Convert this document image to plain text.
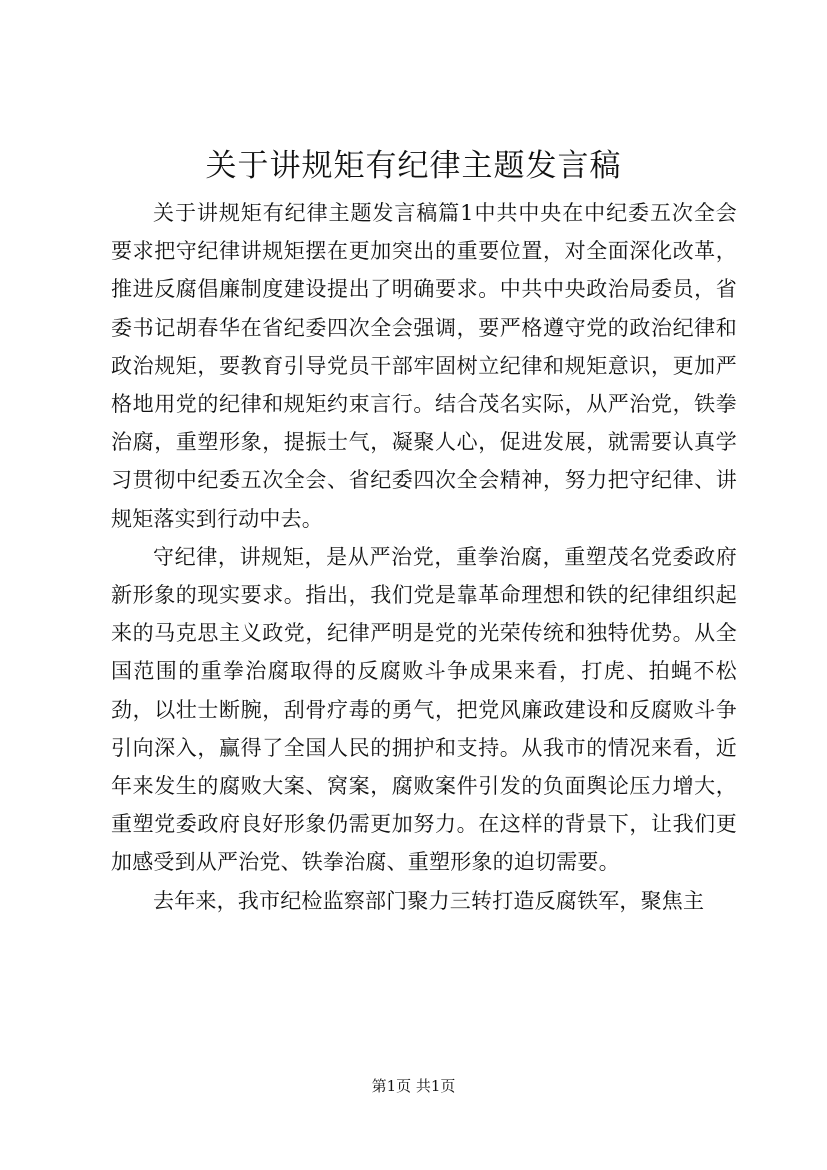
关于讲规矩有纪律主题发言稿

关于讲规矩有纪律主题发言稿篇1中共中央在中纪委五次全会要求把守纪律讲规矩摆在更加突出的重要位置，对全面深化改革，推进反腐倡廉制度建设提出了明确要求。中共中央政治局委员，省委书记胡春华在省纪委四次全会强调，要严格遵守党的政治纪律和政治规矩，要教育引导党员干部牢固树立纪律和规矩意识，更加严格地用党的纪律和规矩约束言行。结合茂名实际，从严治党，铁拳治腐，重塑形象，提振士气，凝聚人心，促进发展，就需要认真学习贯彻中纪委五次全会、省纪委四次全会精神，努力把守纪律、讲规矩落实到行动中去。

守纪律，讲规矩，是从严治党，重拳治腐，重塑茂名党委政府新形象的现实要求。指出，我们党是靠革命理想和铁的纪律组织起来的马克思主义政党，纪律严明是党的光荣传统和独特优势。从全国范围的重拳治腐取得的反腐败斗争成果来看，打虎、拍蝇不松劲，以壮士断腕，刮骨疗毒的勇气，把党风廉政建设和反腐败斗争引向深入，赢得了全国人民的拥护和支持。从我市的情况来看，近年来发生的腐败大案、窝案，腐败案件引发的负面舆论压力增大，重塑党委政府良好形象仍需更加努力。在这样的背景下，让我们更加感受到从严治党、铁拳治腐、重塑形象的迫切需要。

去年来，我市纪检监察部门聚力三转打造反腐铁军，聚焦主

第1页 共1页
